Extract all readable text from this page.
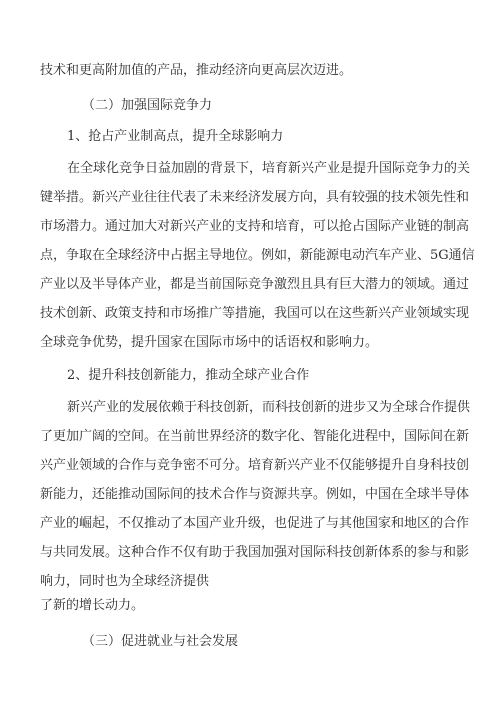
技术和更高附加值的产品，推动经济向更高层次迈进。
（二）加强国际竞争力
1、抢占产业制高点，提升全球影响力
在全球化竞争日益加剧的背景下，培育新兴产业是提升国际竞争力的关
键举措。新兴产业往往代表了未来经济发展方向，具有较强的技术领先性和
市场潜力。通过加大对新兴产业的支持和培育，可以抢占国际产业链的制高
点，争取在全球经济中占据主导地位。例如，新能源电动汽车产业、5G通信
产业以及半导体产业，都是当前国际竞争激烈且具有巨大潜力的领域。通过
技术创新、政策支持和市场推广等措施，我国可以在这些新兴产业领域实现
全球竞争优势，提升国家在国际市场中的话语权和影响力。
2、提升科技创新能力，推动全球产业合作
新兴产业的发展依赖于科技创新，而科技创新的进步又为全球合作提供
了更加广阔的空间。在当前世界经济的数字化、智能化进程中，国际间在新
兴产业领域的合作与竞争密不可分。培育新兴产业不仅能够提升自身科技创
新能力，还能推动国际间的技术合作与资源共享。例如，中国在全球半导体
产业的崛起，不仅推动了本国产业升级，也促进了与其他国家和地区的合作
与共同发展。这种合作不仅有助于我国加强对国际科技创新体系的参与和影
响力，同时也为全球经济提供
了新的增长动力。
（三）促进就业与社会发展
